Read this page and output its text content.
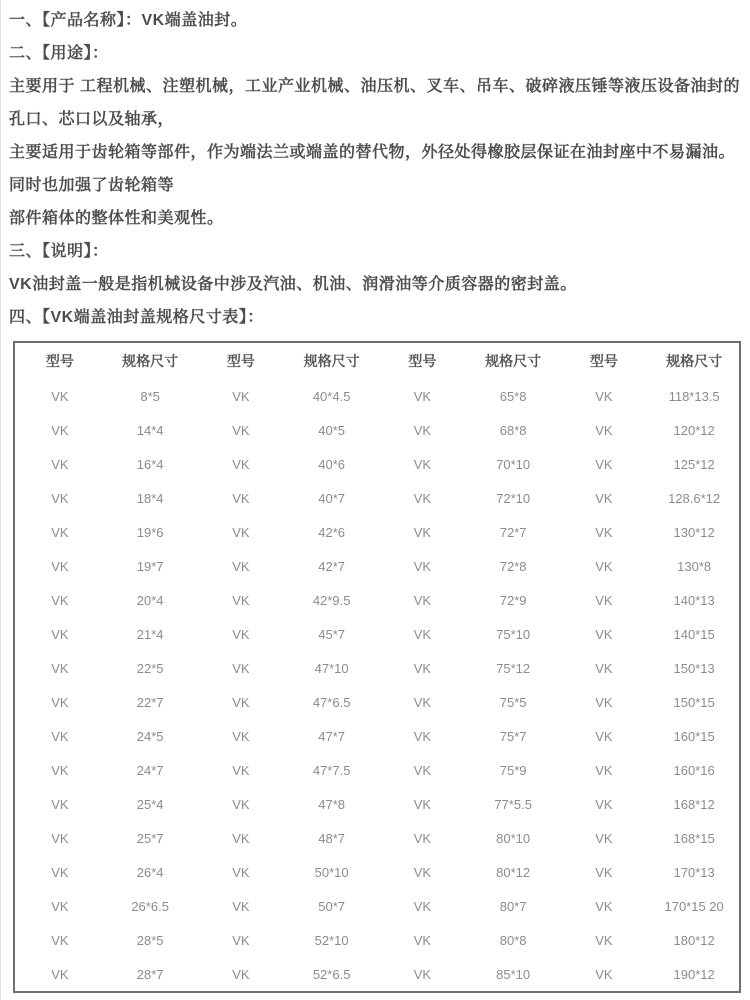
一、【产品名称】：VK端盖油封。

二、【用途】：

主要用于 工程机械、注塑机械，工业产业机械、油压机、叉车、吊车、破碎液压锤等液压设备油封的孔口、芯口以及轴承，

主要适用于齿轮箱等部件，作为端法兰或端盖的替代物，外径处得橡胶层保证在油封座中不易漏油。同时也加强了齿轮箱等

部件箱体的整体性和美观性。

三、【说明】：

VK油封盖一般是指机械设备中涉及汽油、机油、润滑油等介质容器的密封盖。

四、【VK端盖油封盖规格尺寸表】：

型号	规格尺寸	型号	规格尺寸	型号	规格尺寸	型号	规格尺寸
VK	8*5	VK	40*4.5	VK	65*8	VK	118*13.5
VK	14*4	VK	40*5	VK	68*8	VK	120*12
VK	16*4	VK	40*6	VK	70*10	VK	125*12
VK	18*4	VK	40*7	VK	72*10	VK	128.6*12
VK	19*6	VK	42*6	VK	72*7	VK	130*12
VK	19*7	VK	42*7	VK	72*8	VK	130*8
VK	20*4	VK	42*9.5	VK	72*9	VK	140*13
VK	21*4	VK	45*7	VK	75*10	VK	140*15
VK	22*5	VK	47*10	VK	75*12	VK	150*13
VK	22*7	VK	47*6.5	VK	75*5	VK	150*15
VK	24*5	VK	47*7	VK	75*7	VK	160*15
VK	24*7	VK	47*7.5	VK	75*9	VK	160*16
VK	25*4	VK	47*8	VK	77*5.5	VK	168*12
VK	25*7	VK	48*7	VK	80*10	VK	168*15
VK	26*4	VK	50*10	VK	80*12	VK	170*13
VK	26*6.5	VK	50*7	VK	80*7	VK	170*15 20
VK	28*5	VK	52*10	VK	80*8	VK	180*12
VK	28*7	VK	52*6.5	VK	85*10	VK	190*12
